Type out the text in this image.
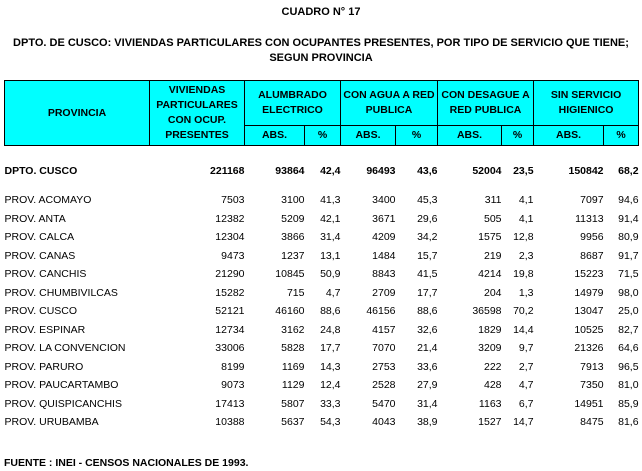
CUADRO N° 17
DPTO. DE CUSCO: VIVIENDAS PARTICULARES CON OCUPANTES PRESENTES, POR TIPO DE SERVICIO QUE TIENE;
SEGUN PROVINCIA
PROVINCIA	VIVIENDAS PARTICULARES CON OCUP. PRESENTES	ALUMBRADO ELECTRICO		CON AGUA A RED PUBLICA		CON DESAGUE A RED PUBLICA		SIN SERVICIO HIGIENICO	
		ABS.	%	ABS.	%	ABS.	%	ABS.	%

DPTO. CUSCO	221168	93864	42,4	96493	43,6	52004	23,5	150842	68,2

PROV. ACOMAYO	7503	3100	41,3	3400	45,3	311	4,1	7097	94,6
PROV. ANTA	12382	5209	42,1	3671	29,6	505	4,1	11313	91,4
PROV. CALCA	12304	3866	31,4	4209	34,2	1575	12,8	9956	80,9
PROV. CANAS	9473	1237	13,1	1484	15,7	219	2,3	8687	91,7
PROV. CANCHIS	21290	10845	50,9	8843	41,5	4214	19,8	15223	71,5
PROV. CHUMBIVILCAS	15282	715	4,7	2709	17,7	204	1,3	14979	98,0
PROV. CUSCO	52121	46160	88,6	46156	88,6	36598	70,2	13047	25,0
PROV. ESPINAR	12734	3162	24,8	4157	32,6	1829	14,4	10525	82,7
PROV. LA CONVENCION	33006	5828	17,7	7070	21,4	3209	9,7	21326	64,6
PROV. PARURO	8199	1169	14,3	2753	33,6	222	2,7	7913	96,5
PROV. PAUCARTAMBO	9073	1129	12,4	2528	27,9	428	4,7	7350	81,0
PROV. QUISPICANCHIS	17413	5807	33,3	5470	31,4	1163	6,7	14951	85,9
PROV. URUBAMBA	10388	5637	54,3	4043	38,9	1527	14,7	8475	81,6
FUENTE : INEI - CENSOS NACIONALES DE 1993.
